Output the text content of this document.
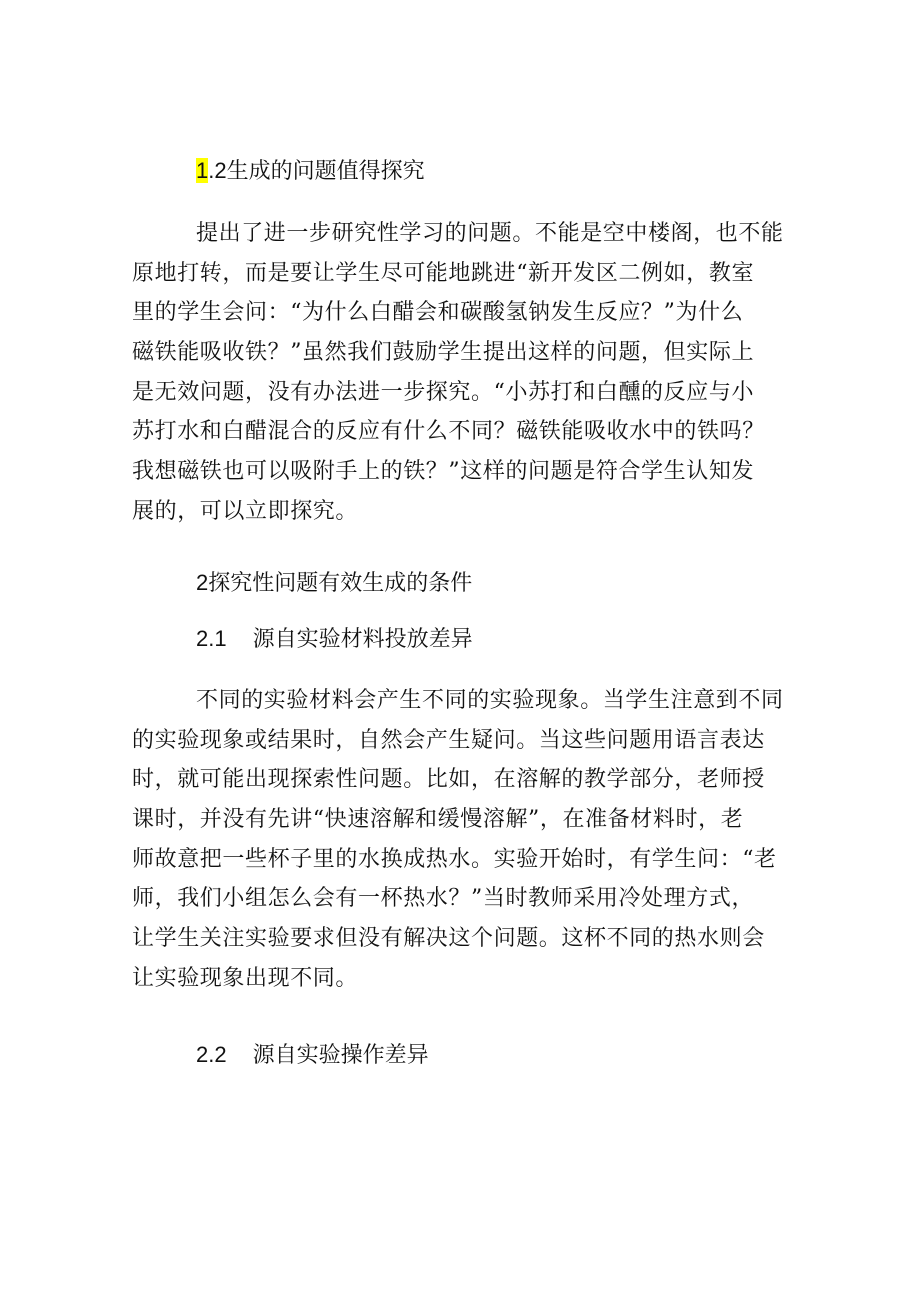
1.2生成的问题值得探究

提出了进一步研究性学习的问题。不能是空中楼阁，也不能
原地打转，而是要让学生尽可能地跳进“新开发区二例如，教室
里的学生会问：“为什么白醋会和碳酸氢钠发生反应？”为什么
磁铁能吸收铁？”虽然我们鼓励学生提出这样的问题，但实际上
是无效问题，没有办法进一步探究。“小苏打和白醺的反应与小
苏打水和白醋混合的反应有什么不同？磁铁能吸收水中的铁吗？
我想磁铁也可以吸附手上的铁？”这样的问题是符合学生认知发
展的，可以立即探究。

2探究性问题有效生成的条件

2.1 源自实验材料投放差异

不同的实验材料会产生不同的实验现象。当学生注意到不同
的实验现象或结果时，自然会产生疑问。当这些问题用语言表达
时，就可能出现探索性问题。比如，在溶解的教学部分，老师授
课时，并没有先讲“快速溶解和缓慢溶解”，在准备材料时，老
师故意把一些杯子里的水换成热水。实验开始时，有学生问：“老
师，我们小组怎么会有一杯热水？”当时教师采用冷处理方式，
让学生关注实验要求但没有解决这个问题。这杯不同的热水则会
让实验现象出现不同。

2.2 源自实验操作差异
